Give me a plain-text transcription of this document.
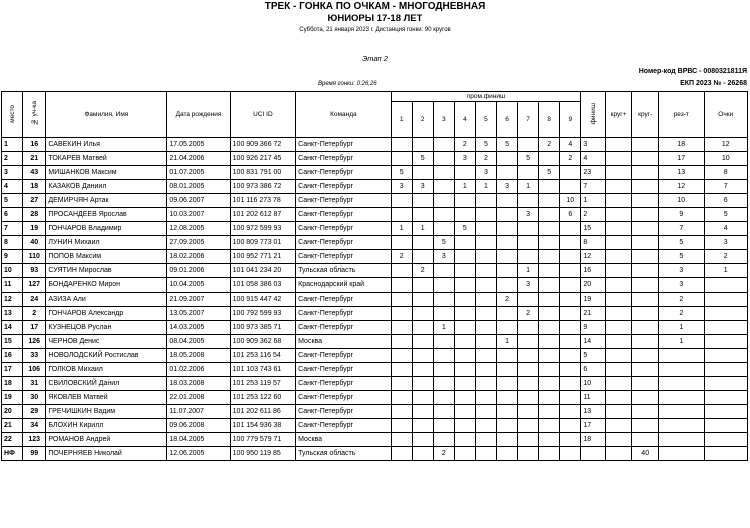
ТРЕК - ГОНКА ПО ОЧКАМ - МНОГОДНЕВНАЯ
ЮНИОРЫ 17-18 ЛЕТ
Суббота, 21 января 2023 г. Дистанция гонки: 90 кругов
Этап 2
Номер-код ВРВС - 0080321811Я
Время гонки: 0:26,26	ЕКП 2023 № - 26268
место	№ уч-ка	Фамилия, Имя	Дата рождения	UCI ID	Команда	пром.финиш									финиш	круг+	круг-	рез-т	Очки
						1	2	3	4	5	6	7	8	9					
1	16	САВЕКИН Илья	17.05.2005	100 909 366 72	Санкт-Петербург				2	5	5		2	4	3			18	12
2	21	ТОКАРЕВ Матвей	21.04.2006	100 926 217 45	Санкт-Петербург		5		3	2		5		2	4			17	10
3	43	МИШАНКОВ Максим	01.07.2005	100 831 791 00	Санкт-Петербург	5				3			5		23			13	8
4	18	КАЗАКОВ Даниил	08.01.2005	100 973 386 72	Санкт-Петербург	3	3		1	1	3	1			7			12	7
5	27	ДЕМИРЧЯН Артак	09.06.2007	101 116 273 78	Санкт-Петербург									10	1			10	6
6	28	ПРОСАНДЕЕВ Ярослав	10.03.2007	101 202 612 87	Санкт-Петербург							3		6	2			9	5
7	19	ГОНЧАРОВ Владимир	12.08.2005	100 972 599 93	Санкт-Петербург	1	1		5						15			7	4
8	40	ЛУНИН Михаил	27.09.2005	100 809 773 01	Санкт-Петербург			5							8			5	3
9	110	ПОПОВ Максим	18.02.2006	100 952 771 21	Санкт-Петербург	2		3							12			5	2
10	93	СУЯТИН Мирослав	09.01.2006	101 041 234 20	Тульская область		2					1			16			3	1
11	127	БОНДАРЕНКО Мирон	10.04.2005	101 058 386 03	Краснодарский край							3			20			3	
12	24	АЗИЗА Али	21.09.2007	100 915 447 42	Санкт-Петербург						2				19			2	
13	2	ГОНЧАРОВ Александр	13.05.2007	100 792 599 93	Санкт-Петербург							2			21			2	
14	17	КУЗНЕЦОВ Руслан	14.03.2005	100 973 385 71	Санкт-Петербург			1							9			1	
15	126	ЧЕРНОВ Денис	08.04.2005	100 909 362 68	Москва						1				14			1	
16	33	НОВОЛОДСКИЙ Ростислав	18.05.2008	101 253 116 54	Санкт-Петербург										5				
17	106	ГОЛКОВ Михаил	01.02.2006	101 103 743 61	Санкт-Петербург										6				
18	31	СВИЛОВСКИЙ Данил	18.03.2008	101 253 119 57	Санкт-Петербург										10				
19	30	ЯКОВЛЕВ Матвей	22.01.2008	101 253 122 60	Санкт-Петербург										11				
20	29	ГРЕЧИШКИН Вадим	11.07.2007	101 202 611 86	Санкт-Петербург										13				
21	34	БЛОХИН Кирилл	09.06.2008	101 154 936 38	Санкт-Петербург										17				
22	123	РОМАНОВ Андрей	18.04.2005	100 779 579 71	Москва										18				
НФ	99	ПОЧЕРНЯЕВ Николай	12.06.2005	100 950 119 85	Тульская область			2									40		
